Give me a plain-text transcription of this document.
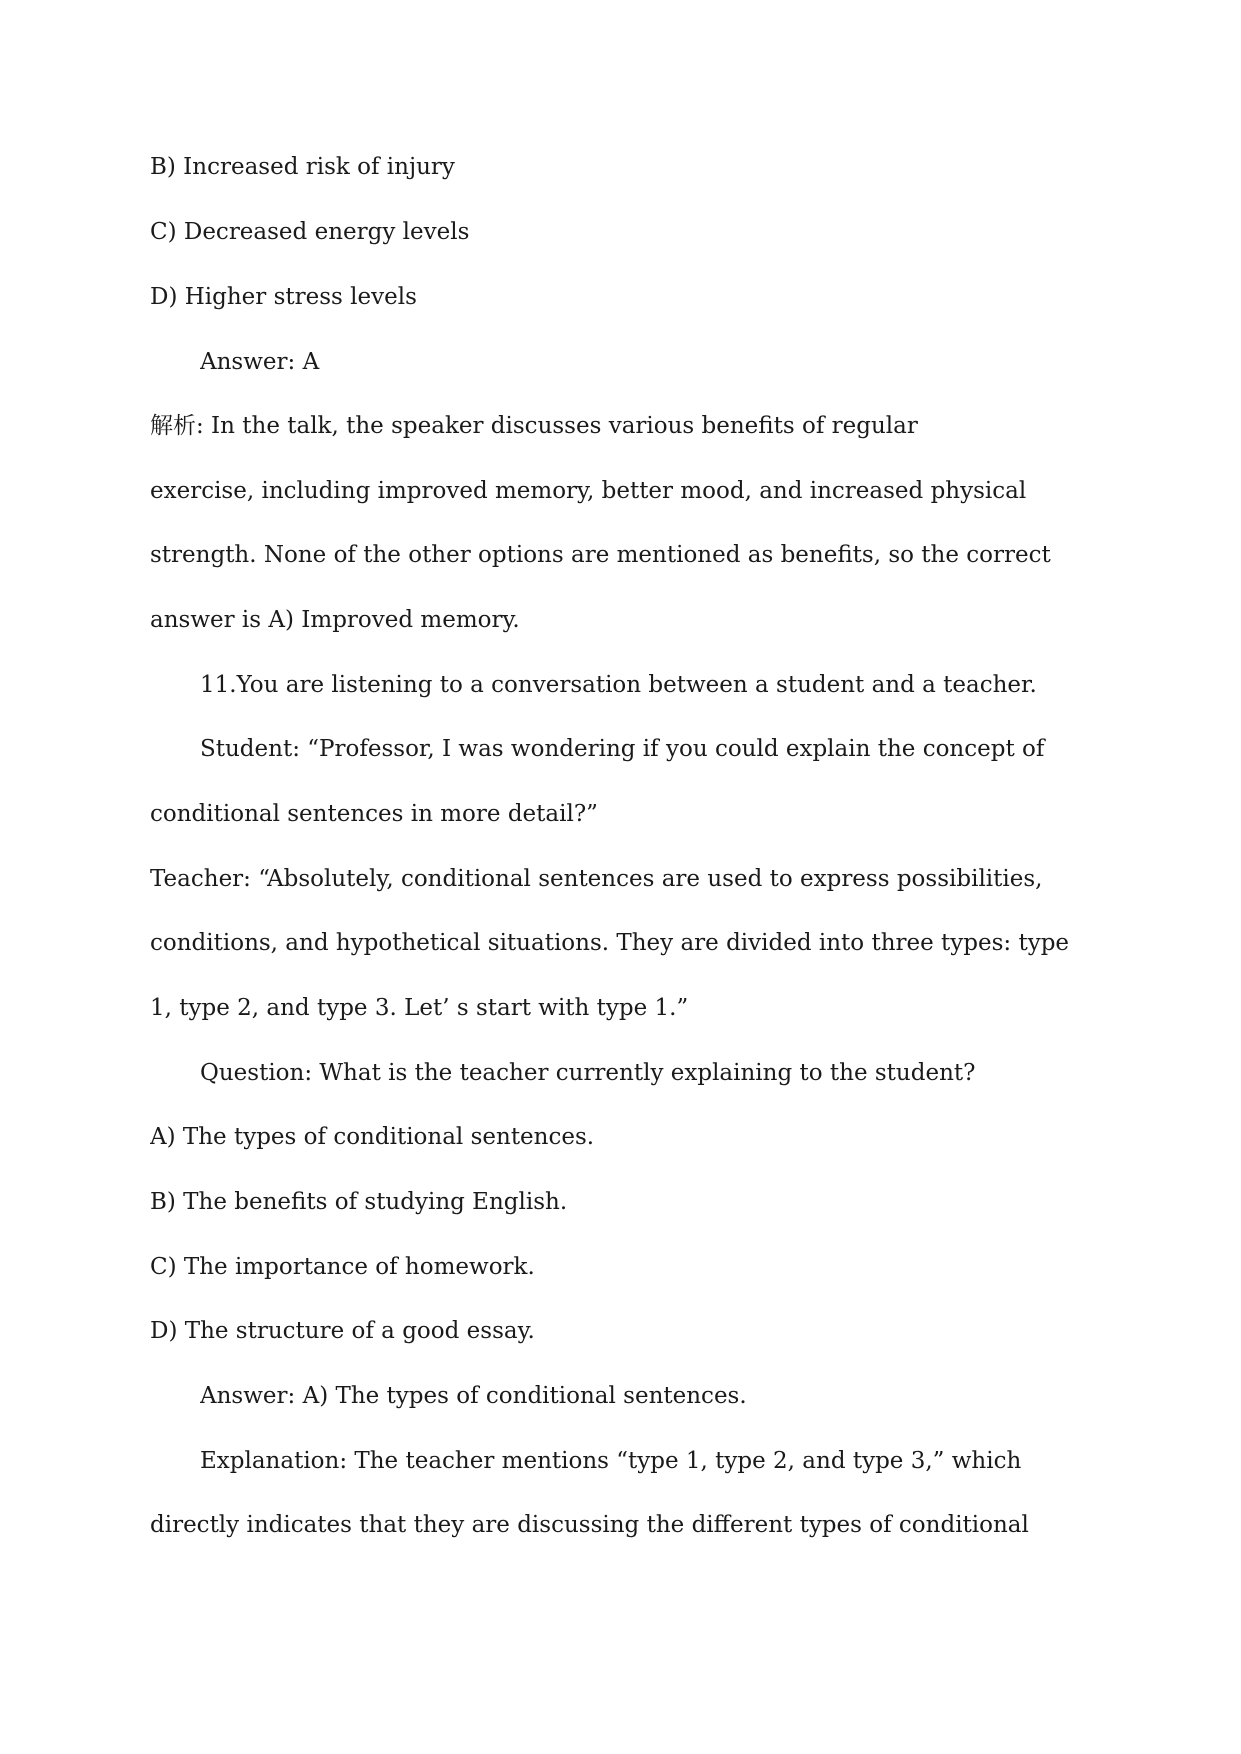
B) Increased risk of injury
C) Decreased energy levels
D) Higher stress levels
Answer: A
解析: In the talk, the speaker discusses various benefits of regular
exercise, including improved memory, better mood, and increased physical
strength. None of the other options are mentioned as benefits, so the correct
answer is A) Improved memory.
11.You are listening to a conversation between a student and a teacher.
Student: “Professor, I was wondering if you could explain the concept of
conditional sentences in more detail?”
Teacher: “Absolutely, conditional sentences are used to express possibilities,
conditions, and hypothetical situations. They are divided into three types: type
1, type 2, and type 3. Let’ s start with type 1.”
Question: What is the teacher currently explaining to the student?
A) The types of conditional sentences.
B) The benefits of studying English.
C) The importance of homework.
D) The structure of a good essay.
Answer: A) The types of conditional sentences.
Explanation: The teacher mentions “type 1, type 2, and type 3,” which
directly indicates that they are discussing the different types of conditional
